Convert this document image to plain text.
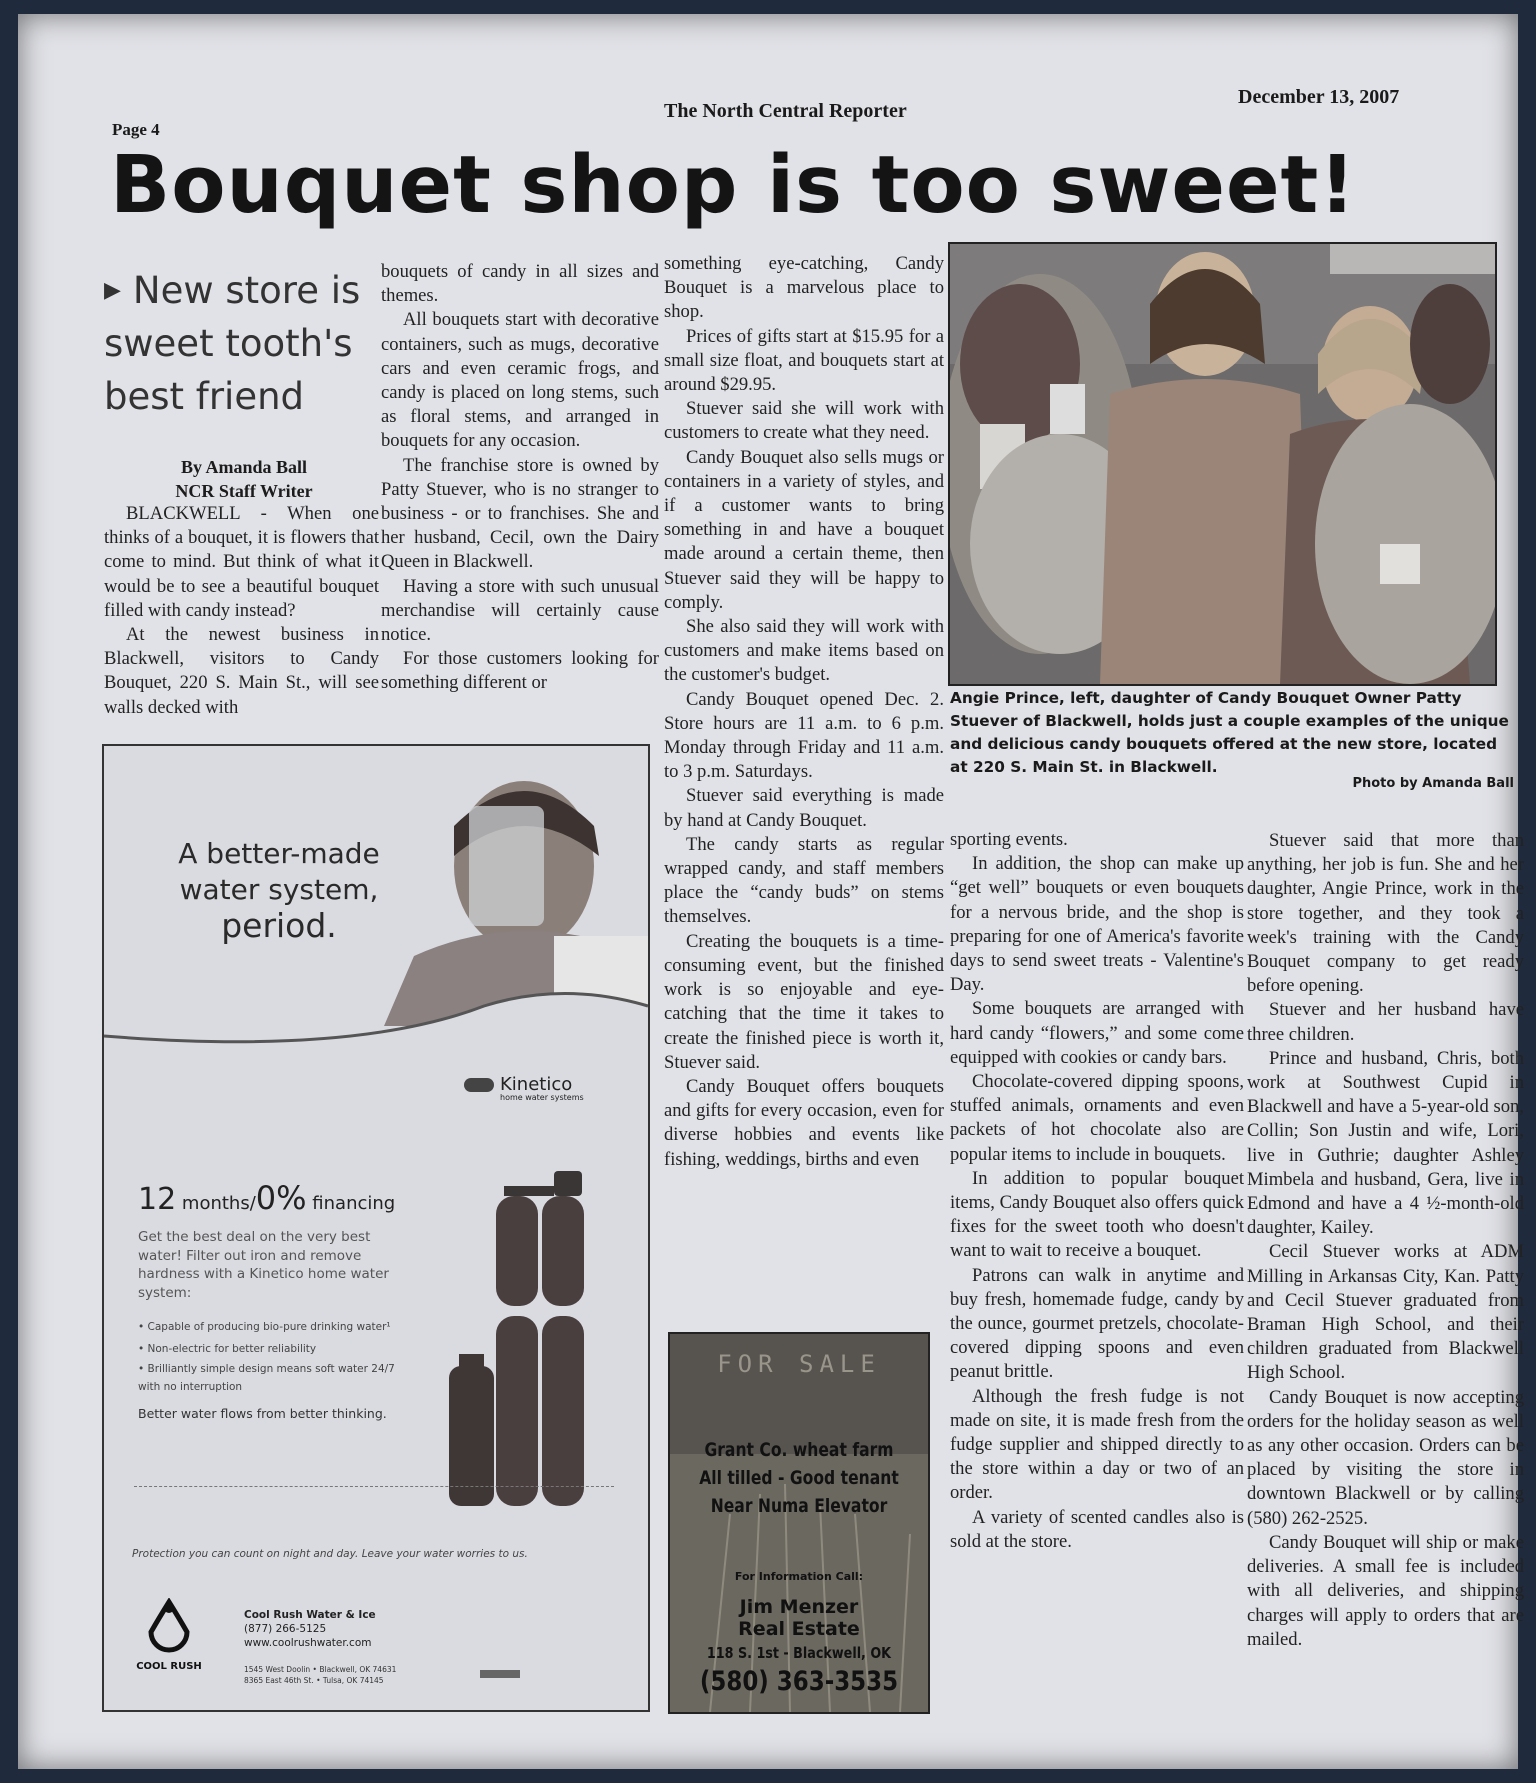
Page 4
The North Central Reporter
December 13, 2007
Bouquet shop is too sweet!
▶ New store is
sweet tooth's
best friend
By Amanda Ball
NCR Staff Writer

BLACKWELL - When one thinks of a bouquet, it is flowers that come to mind. But think of what it would be to see a beautiful bouquet filled with candy instead?

At the newest business in Blackwell, visitors to Candy Bouquet, 220 S. Main St., will see walls decked with

bouquets of candy in all sizes and themes.

All bouquets start with decorative containers, such as mugs, decorative cars and even ceramic frogs, and candy is placed on long stems, such as floral stems, and arranged in bouquets for any occasion.

The franchise store is owned by Patty Stuever, who is no stranger to business - or to franchises. She and her husband, Cecil, own the Dairy Queen in Blackwell.

Having a store with such unusual merchandise will certainly cause notice.

For those customers looking for something different or

something eye-catching, Candy Bouquet is a marvelous place to shop.

Prices of gifts start at $15.95 for a small size float, and bouquets start at around $29.95.

Stuever said she will work with customers to create what they need.

Candy Bouquet also sells mugs or containers in a variety of styles, and if a customer wants to bring something in and have a bouquet made around a certain theme, then Stuever said they will be happy to comply.

She also said they will work with customers and make items based on the customer's budget.

Candy Bouquet opened Dec. 2. Store hours are 11 a.m. to 6 p.m. Monday through Friday and 11 a.m. to 3 p.m. Saturdays.

Stuever said everything is made by hand at Candy Bouquet.

The candy starts as regular wrapped candy, and staff members place the “candy buds” on stems themselves.

Creating the bouquets is a time-consuming event, but the finished work is so enjoyable and eye-catching that the time it takes to create the finished piece is worth it, Stuever said.

Candy Bouquet offers bouquets and gifts for every occasion, even for diverse hobbies and events like fishing, weddings, births and even

Angie Prince, left, daughter of Candy Bouquet Owner Patty Stuever of Blackwell, holds just a couple examples of the unique and delicious candy bouquets offered at the new store, located at 220 S. Main St. in Blackwell.
Photo by Amanda Ball

sporting events.

In addition, the shop can make up “get well” bouquets or even bouquets for a nervous bride, and the shop is preparing for one of America's favorite days to send sweet treats - Valentine's Day.

Some bouquets are arranged with hard candy “flowers,” and some come equipped with cookies or candy bars.

Chocolate-covered dipping spoons, stuffed animals, ornaments and even packets of hot chocolate also are popular items to include in bouquets.

In addition to popular bouquet items, Candy Bouquet also offers quick fixes for the sweet tooth who doesn't want to wait to receive a bouquet.

Patrons can walk in anytime and buy fresh, homemade fudge, candy by the ounce, gourmet pretzels, chocolate-covered dipping spoons and even peanut brittle.

Although the fresh fudge is not made on site, it is made fresh from the fudge supplier and shipped directly to the store within a day or two of an order.

A variety of scented candles also is sold at the store.

Stuever said that more than anything, her job is fun. She and her daughter, Angie Prince, work in the store together, and they took a week's training with the Candy Bouquet company to get ready before opening.

Stuever and her husband have three children.

Prince and husband, Chris, both work at Southwest Cupid in Blackwell and have a 5-year-old son, Collin; Son Justin and wife, Lori, live in Guthrie; daughter Ashley Mimbela and husband, Gera, live in Edmond and have a 4 ½-month-old daughter, Kailey.

Cecil Stuever works at ADM Milling in Arkansas City, Kan. Patty and Cecil Stuever graduated from Braman High School, and their children graduated from Blackwell High School.

Candy Bouquet is now accepting orders for the holiday season as well as any other occasion. Orders can be placed by visiting the store in downtown Blackwell or by calling (580) 262-2525.

Candy Bouquet will ship or make deliveries. A small fee is included with all deliveries, and shipping charges will apply to orders that are mailed.

A better-made
water system,
period.
Kinetico
home water systems
12 months/0% financing
Get the best deal on the very best water! Filter out iron and remove hardness with a Kinetico home water system:
• Capable of producing bio-pure drinking water¹
• Non-electric for better reliability
• Brilliantly simple design means soft water 24/7 with no interruption
Better water flows from better thinking.
Protection you can count on night and day. Leave your water worries to us.
COOL RUSH
Cool Rush Water & Ice
(877) 266-5125
www.coolrushwater.com
1545 West Doolin • Blackwell, OK 74631
8365 East 46th St. • Tulsa, OK 74145
FOR SALE
Grant Co. wheat farm
All tilled - Good tenant
Near Numa Elevator
For Information Call:
Jim Menzer
Real Estate
118 S. 1st - Blackwell, OK
(580) 363-3535
